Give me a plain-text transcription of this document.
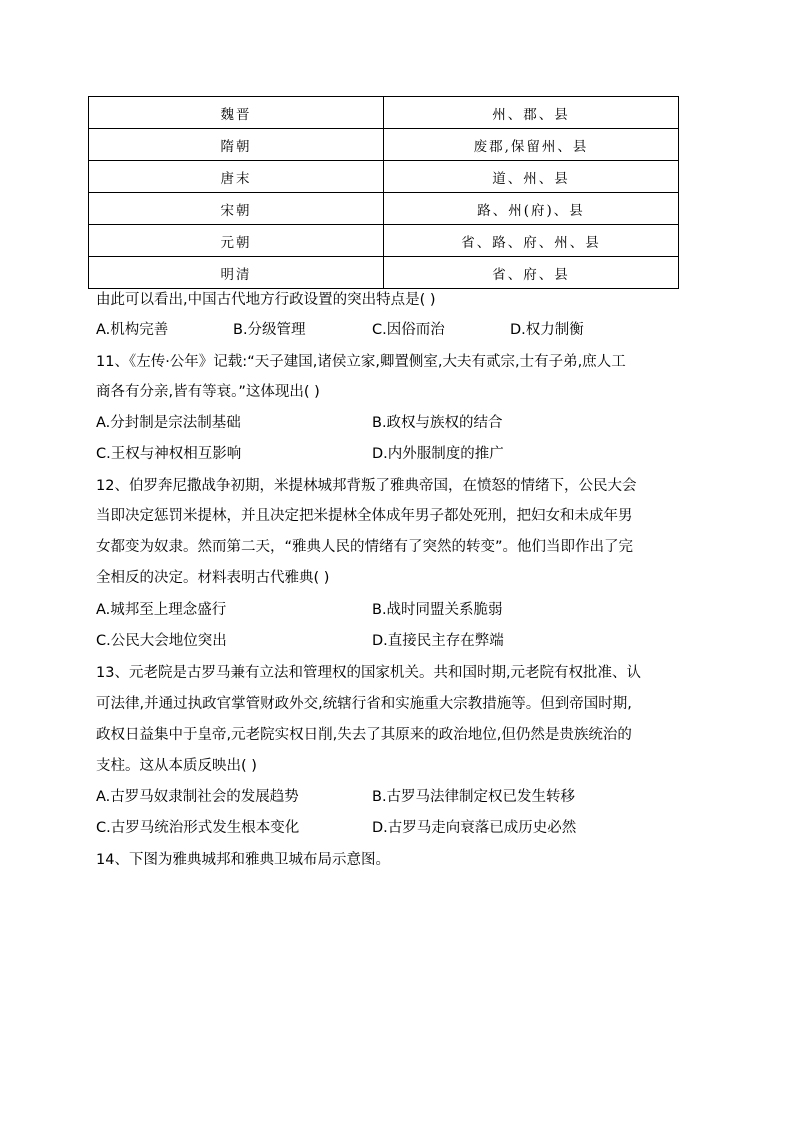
魏晋	州、郡、县
隋朝	废郡,保留州、县
唐末	道、州、县
宋朝	路、州(府)、县
元朝	省、路、府、州、县
明清	省、府、县
由此可以看出,中国古代地方行政设置的突出特点是( )
A.机构完善	B.分级管理	C.因俗而治	D.权力制衡
11、《左传·公年》记载:“天子建国,诸侯立家,卿置侧室,大夫有贰宗,士有子弟,庶人工
商各有分亲,皆有等衰。”这体现出( )
A.分封制是宗法制基础	B.政权与族权的结合
C.王权与神权相互影响	D.内外服制度的推广
12、伯罗奔尼撒战争初期，米提林城邦背叛了雅典帝国，在愤怒的情绪下，公民大会
当即决定惩罚米提林，并且决定把米提林全体成年男子都处死刑，把妇女和未成年男
女都变为奴隶。然而第二天，“雅典人民的情绪有了突然的转变”。他们当即作出了完
全相反的决定。材料表明古代雅典( )
A.城邦至上理念盛行	B.战时同盟关系脆弱
C.公民大会地位突出	D.直接民主存在弊端
13、元老院是古罗马兼有立法和管理权的国家机关。共和国时期,元老院有权批准、认
可法律,并通过执政官掌管财政外交,统辖行省和实施重大宗教措施等。但到帝国时期,
政权日益集中于皇帝,元老院实权日削,失去了其原来的政治地位,但仍然是贵族统治的
支柱。这从本质反映出( )
A.古罗马奴隶制社会的发展趋势	B.古罗马法律制定权已发生转移
C.古罗马统治形式发生根本变化	D.古罗马走向衰落已成历史必然
14、下图为雅典城邦和雅典卫城布局示意图。
